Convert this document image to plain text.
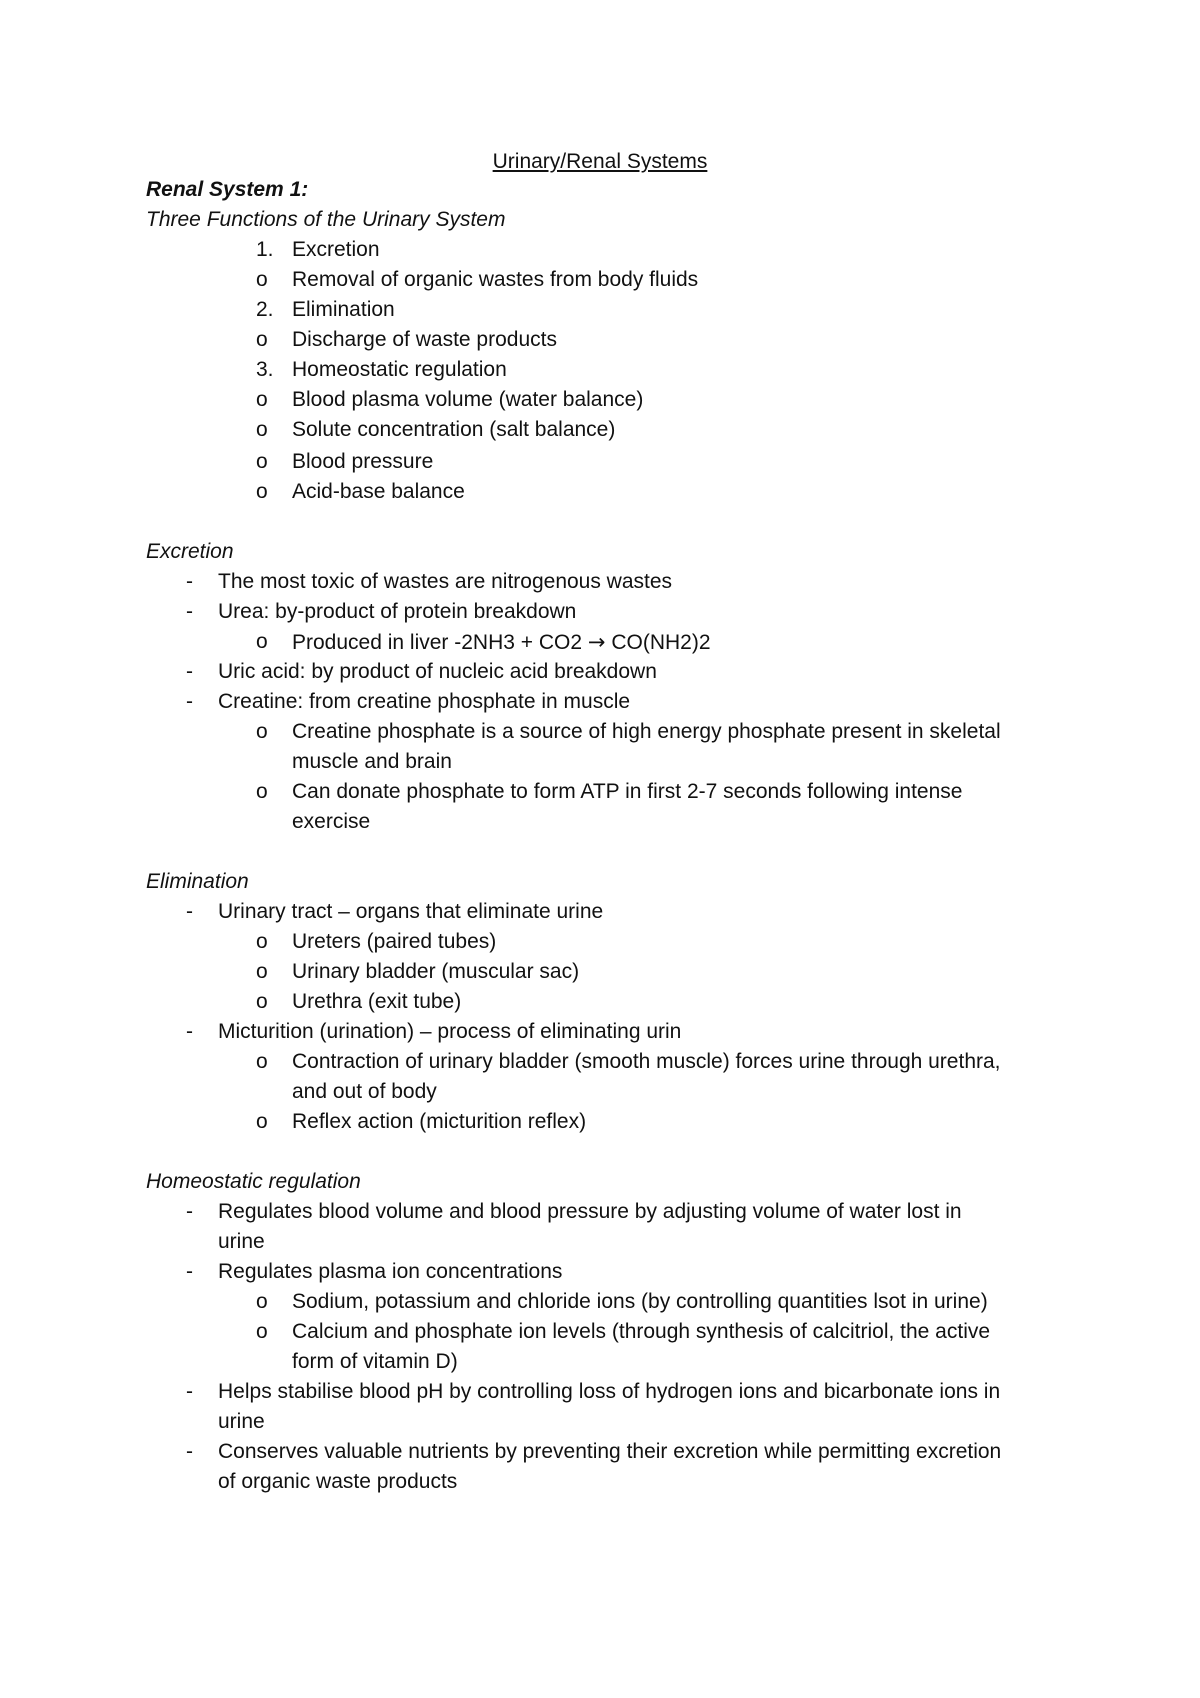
Urinary/Renal Systems
Renal System 1:
Three Functions of the Urinary System
1. Excretion
o Removal of organic wastes from body fluids
2. Elimination
o Discharge of waste products
3. Homeostatic regulation
o Blood plasma volume (water balance)
o Solute concentration (salt balance)
o Blood pressure
o Acid-base balance
Excretion
- The most toxic of wastes are nitrogenous wastes
- Urea: by-product of protein breakdown
o Produced in liver -2NH3 + CO2 → CO(NH2)2
- Uric acid: by product of nucleic acid breakdown
- Creatine: from creatine phosphate in muscle
o Creatine phosphate is a source of high energy phosphate present in skeletal
muscle and brain
o Can donate phosphate to form ATP in first 2-7 seconds following intense
exercise
Elimination
- Urinary tract – organs that eliminate urine
o Ureters (paired tubes)
o Urinary bladder (muscular sac)
o Urethra (exit tube)
- Micturition (urination) – process of eliminating urin
o Contraction of urinary bladder (smooth muscle) forces urine through urethra,
and out of body
o Reflex action (micturition reflex)
Homeostatic regulation
- Regulates blood volume and blood pressure by adjusting volume of water lost in
urine
- Regulates plasma ion concentrations
o Sodium, potassium and chloride ions (by controlling quantities lsot in urine)
o Calcium and phosphate ion levels (through synthesis of calcitriol, the active
form of vitamin D)
- Helps stabilise blood pH by controlling loss of hydrogen ions and bicarbonate ions in
urine
- Conserves valuable nutrients by preventing their excretion while permitting excretion
of organic waste products
